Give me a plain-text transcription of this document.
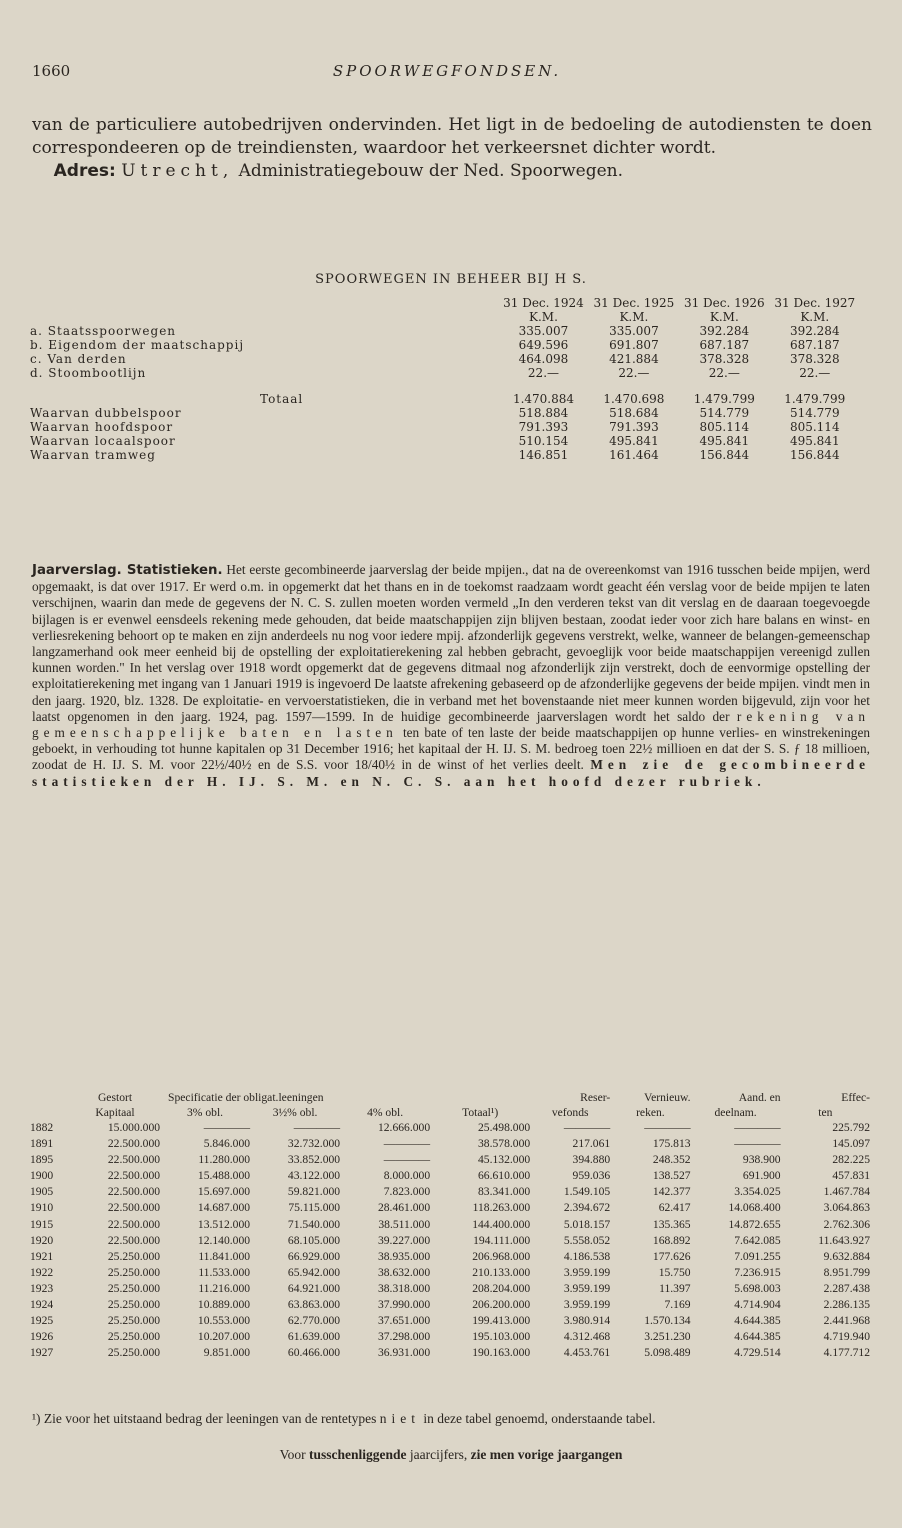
1660	SPOORWEGFONDSEN.

van de particuliere autobedrijven ondervinden. Het ligt in de bedoeling de autodiensten te doen correspondeeren op de treindiensten, waardoor het verkeersnet dichter wordt.

Adres: Utrecht, Administratiegebouw der Ned. Spoorwegen.

SPOORWEGEN IN BEHEER BIJ H S.
	31 Dec. 1924	31 Dec. 1925	31 Dec. 1926	31 Dec. 1927
	K.M.	K.M.	K.M.	K.M.
a. Staatsspoorwegen	335.007	335.007	392.284	392.284
b. Eigendom der maatschappij	649.596	691.807	687.187	687.187
c. Van derden	464.098	421.884	378.328	378.328
d. Stoombootlijn	22.—	22.—	22.—	22.—

Totaal	1.470.884	1.470.698	1.479.799	1.479.799
Waarvan dubbelspoor	518.884	518.684	514.779	514.779
Waarvan hoofdspoor	791.393	791.393	805.114	805.114
Waarvan locaalspoor	510.154	495.841	495.841	495.841
Waarvan tramweg	146.851	161.464	156.844	156.844

Jaarverslag. Statistieken. Het eerste gecombineerde jaarverslag der beide mpijen., dat na de overeenkomst van 1916 tusschen beide mpijen, werd opgemaakt, is dat over 1917. Er werd o.m. in opgemerkt dat het thans en in de toekomst raadzaam wordt geacht één verslag voor de beide mpijen te laten verschijnen, waarin dan mede de gegevens der N. C. S. zullen moeten worden vermeld „In den verderen tekst van dit verslag en de daaraan toegevoegde bijlagen is er evenwel eensdeels rekening mede gehouden, dat beide maatschappijen zijn blijven bestaan, zoodat ieder voor zich hare balans en winst- en verliesrekening behoort op te maken en zijn anderdeels nu nog voor iedere mpij. afzonderlijk gegevens verstrekt, welke, wanneer de belangen-gemeenschap langzamerhand ook meer eenheid bij de opstelling der exploitatierekening zal hebben gebracht, gevoeglijk voor beide maatschappijen vereenigd zullen kunnen worden." In het verslag over 1918 wordt opgemerkt dat de gegevens ditmaal nog afzonderlijk zijn verstrekt, doch de eenvormige opstelling der exploitatierekening met ingang van 1 Januari 1919 is ingevoerd De laatste afrekening gebaseerd op de afzonderlijke gegevens der beide mpijen. vindt men in den jaarg. 1920, blz. 1328. De exploitatie- en vervoerstatistieken, die in verband met het bovenstaande niet meer kunnen worden bijgevuld, zijn voor het laatst opgenomen in den jaarg. 1924, pag. 1597—1599. In de huidige gecombineerde jaarverslagen wordt het saldo der rekening van gemeenschappelijke baten en lasten ten bate of ten laste der beide maatschappijen op hunne verlies- en winstrekeningen geboekt, in verhouding tot hunne kapitalen op 31 December 1916; het kapitaal der H. IJ. S. M. bedroeg toen 22½ millioen en dat der S. S. ƒ 18 millioen, zoodat de H. IJ. S. M. voor 22½/40½ en de S.S. voor 18/40½ in de winst of het verlies deelt. Men zie de gecombineerde statistieken der H. IJ. S. M. en N. C. S. aan het hoofd dezer rubriek.

	Gestort	Specificatie der obligat.leeningen				Reser-	Vernieuw.	Aand. en	Effec-
	Kapitaal	3% obl.	3½% obl.	4% obl.	Totaal¹)	vefonds	reken.	deelnam.	ten
1882	15.000.000	————	————	12.666.000	25.498.000	————	————	————	225.792
1891	22.500.000	5.846.000	32.732.000	————	38.578.000	217.061	175.813	————	145.097
1895	22.500.000	11.280.000	33.852.000	————	45.132.000	394.880	248.352	938.900	282.225
1900	22.500.000	15.488.000	43.122.000	8.000.000	66.610.000	959.036	138.527	691.900	457.831
1905	22.500.000	15.697.000	59.821.000	7.823.000	83.341.000	1.549.105	142.377	3.354.025	1.467.784
1910	22.500.000	14.687.000	75.115.000	28.461.000	118.263.000	2.394.672	62.417	14.068.400	3.064.863
1915	22.500.000	13.512.000	71.540.000	38.511.000	144.400.000	5.018.157	135.365	14.872.655	2.762.306
1920	22.500.000	12.140.000	68.105.000	39.227.000	194.111.000	5.558.052	168.892	7.642.085	11.643.927
1921	25.250.000	11.841.000	66.929.000	38.935.000	206.968.000	4.186.538	177.626	7.091.255	9.632.884
1922	25.250.000	11.533.000	65.942.000	38.632.000	210.133.000	3.959.199	15.750	7.236.915	8.951.799
1923	25.250.000	11.216.000	64.921.000	38.318.000	208.204.000	3.959.199	11.397	5.698.003	2.287.438
1924	25.250.000	10.889.000	63.863.000	37.990.000	206.200.000	3.959.199	7.169	4.714.904	2.286.135
1925	25.250.000	10.553.000	62.770.000	37.651.000	199.413.000	3.980.914	1.570.134	4.644.385	2.441.968
1926	25.250.000	10.207.000	61.639.000	37.298.000	195.103.000	4.312.468	3.251.230	4.644.385	4.719.940
1927	25.250.000	9.851.000	60.466.000	36.931.000	190.163.000	4.453.761	5.098.489	4.729.514	4.177.712
¹) Zie voor het uitstaand bedrag der leeningen van de rentetypes niet in deze tabel genoemd, onderstaande tabel.
Voor tusschenliggende jaarcijfers, zie men vorige jaargangen
